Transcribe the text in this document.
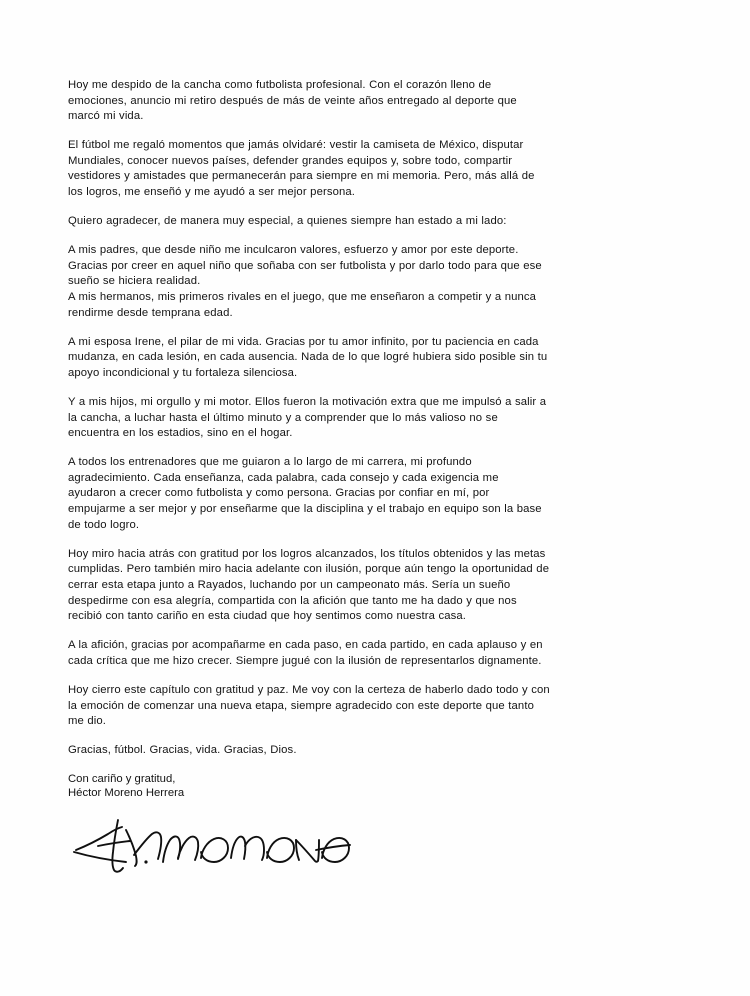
Hoy me despido de la cancha como futbolista profesional. Con el corazón lleno de emociones, anuncio mi retiro después de más de veinte años entregado al deporte que marcó mi vida.

El fútbol me regaló momentos que jamás olvidaré: vestir la camiseta de México, disputar Mundiales, conocer nuevos países, defender grandes equipos y, sobre todo, compartir vestidores y amistades que permanecerán para siempre en mi memoria. Pero, más allá de los logros, me enseñó y me ayudó a ser mejor persona.

Quiero agradecer, de manera muy especial, a quienes siempre han estado a mi lado:

A mis padres, que desde niño me inculcaron valores, esfuerzo y amor por este deporte. Gracias por creer en aquel niño que soñaba con ser futbolista y por darlo todo para que ese sueño se hiciera realidad.

A mis hermanos, mis primeros rivales en el juego, que me enseñaron a competir y a nunca rendirme desde temprana edad.

A mi esposa Irene, el pilar de mi vida. Gracias por tu amor infinito, por tu paciencia en cada mudanza, en cada lesión, en cada ausencia. Nada de lo que logré hubiera sido posible sin tu apoyo incondicional y tu fortaleza silenciosa.

Y a mis hijos, mi orgullo y mi motor. Ellos fueron la motivación extra que me impulsó a salir a la cancha, a luchar hasta el último minuto y a comprender que lo más valioso no se encuentra en los estadios, sino en el hogar.

A todos los entrenadores que me guiaron a lo largo de mi carrera, mi profundo agradecimiento. Cada enseñanza, cada palabra, cada consejo y cada exigencia me ayudaron a crecer como futbolista y como persona. Gracias por confiar en mí, por empujarme a ser mejor y por enseñarme que la disciplina y el trabajo en equipo son la base de todo logro.

Hoy miro hacia atrás con gratitud por los logros alcanzados, los títulos obtenidos y las metas cumplidas. Pero también miro hacia adelante con ilusión, porque aún tengo la oportunidad de cerrar esta etapa junto a Rayados, luchando por un campeonato más. Sería un sueño despedirme con esa alegría, compartida con la afición que tanto me ha dado y que nos recibió con tanto cariño en esta ciudad que hoy sentimos como nuestra casa.

A la afición, gracias por acompañarme en cada paso, en cada partido, en cada aplauso y en cada crítica que me hizo crecer. Siempre jugué con la ilusión de representarlos dignamente.

Hoy cierro este capítulo con gratitud y paz. Me voy con la certeza de haberlo dado todo y con la emoción de comenzar una nueva etapa, siempre agradecido con este deporte que tanto me dio.

Gracias, fútbol. Gracias, vida. Gracias, Dios.

Con cariño y gratitud,

Héctor Moreno Herrera
